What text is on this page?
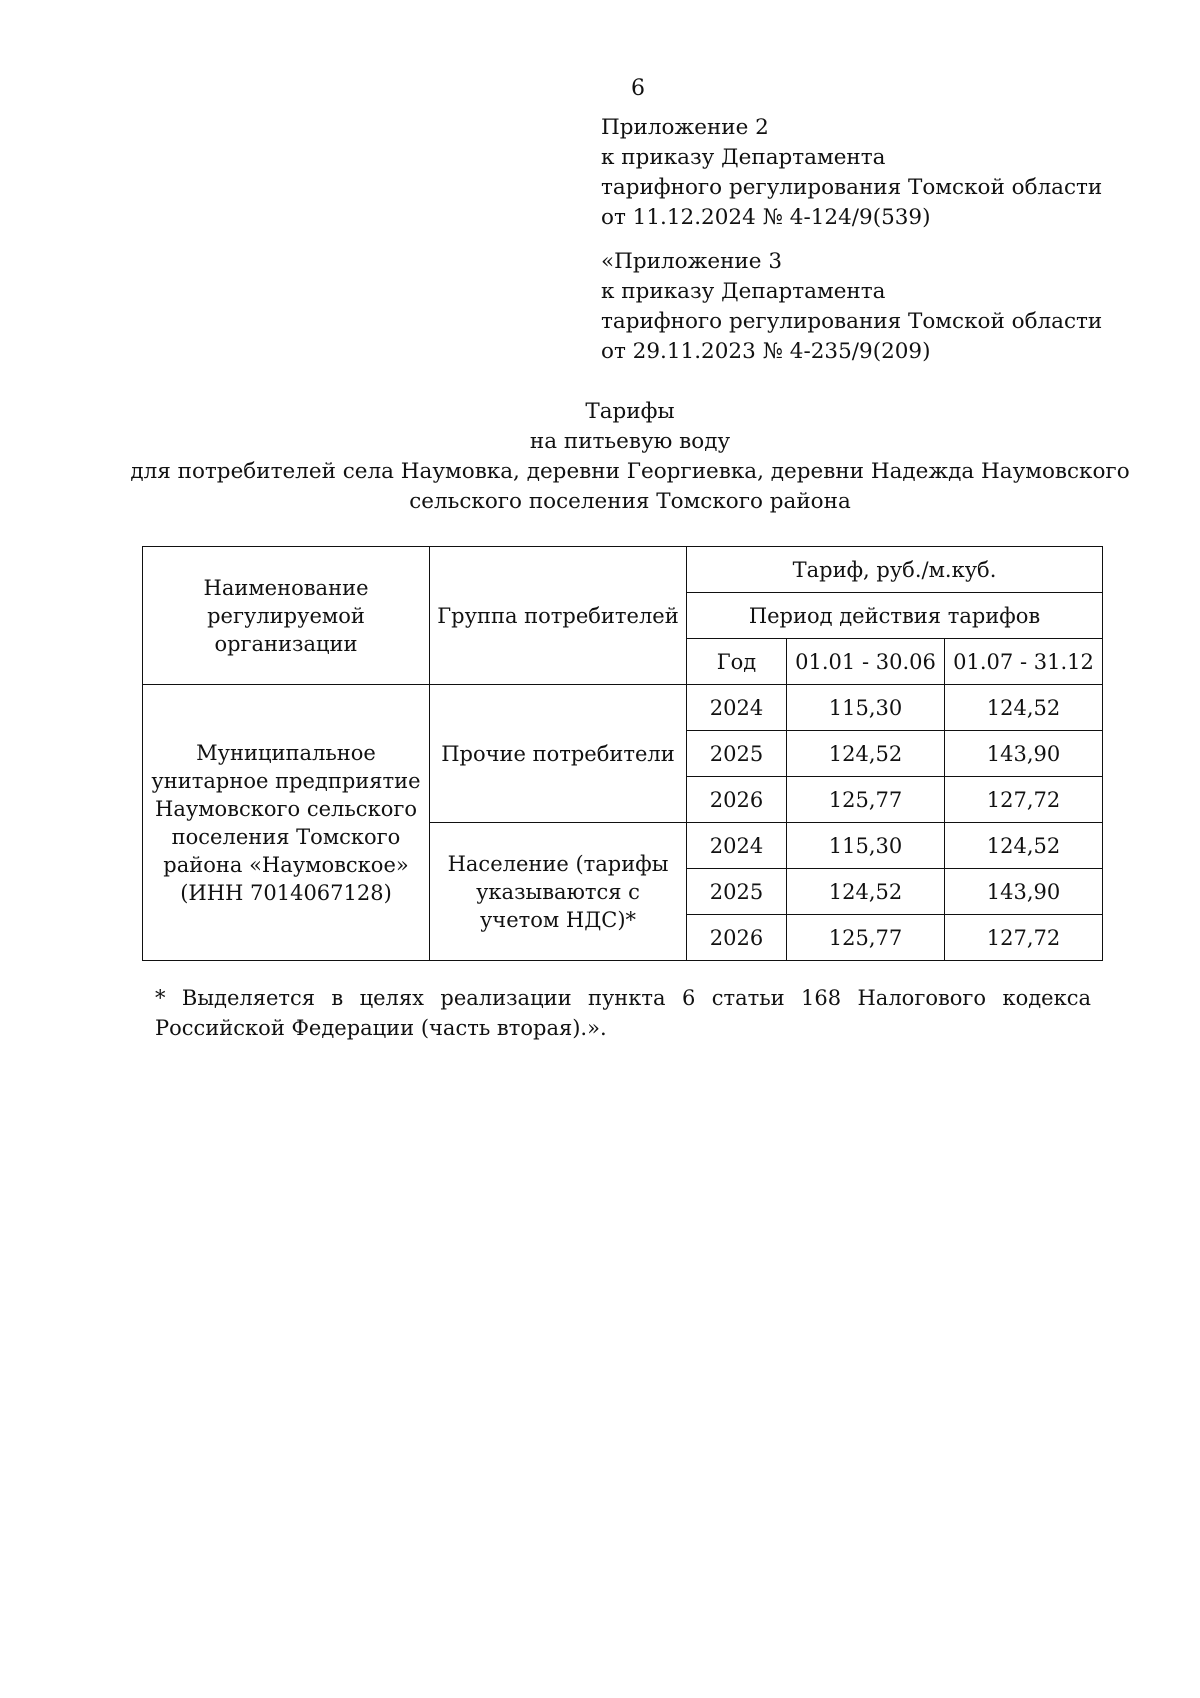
6
Приложение 2
к приказу Департамента
тарифного регулирования Томской области
от 11.12.2024 № 4-124/9(539)
«Приложение 3
к приказу Департамента
тарифного регулирования Томской области
от 29.11.2023 № 4-235/9(209)
Тарифы
на питьевую воду
для потребителей села Наумовка, деревни Георгиевка, деревни Надежда Наумовского
сельского поселения Томского района
Наименование регулируемой организации	Группа потребителей	Тариф, руб./м.куб.		
		Период действия тарифов		
		Год	01.01 - 30.06	01.07 - 31.12
Муниципальное унитарное предприятие Наумовского сельского поселения Томского района «Наумовское» (ИНН 7014067128)	Прочие потребители	2024	115,30	124,52
		2025	124,52	143,90
		2026	125,77	127,72
	Население (тарифы указываются с учетом НДС)*	2024	115,30	124,52
		2025	124,52	143,90
		2026	125,77	127,72
* Выделяется в целях реализации пункта 6 статьи 168 Налогового кодекса Российской Федерации (часть вторая).».
